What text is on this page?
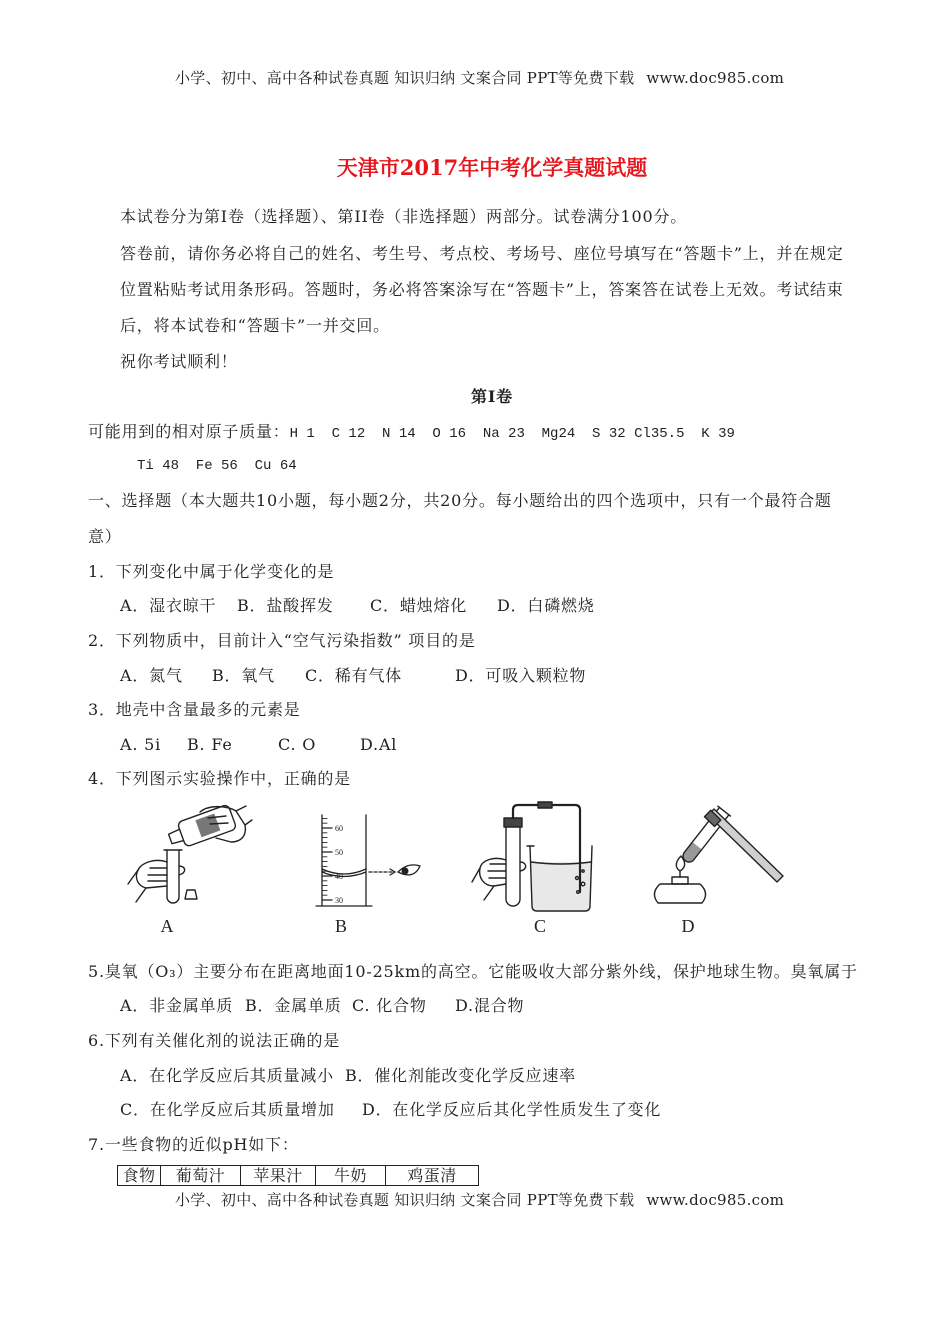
小学、初中、高中各种试卷真题 知识归纳 文案合同 PPT等免费下载 www.doc985.com
天津市2017年中考化学真题试题
本试卷分为第Ⅰ卷（选择题）、第II卷（非选择题）两部分。试卷满分100分。
答卷前，请你务必将自己的姓名、考生号、考点校、考场号、座位号填写在“答题卡”上，并在规定
位置粘贴考试用条形码。答题时，务必将答案涂写在“答题卡”上，答案答在试卷上无效。考试结束
后，将本试卷和“答题卡”一并交回。
祝你考试顺利！
第Ⅰ卷
可能用到的相对原子质量：H 1  C 12  N 14  O 16  Na 23  Mg24  S 32 Cl35.5  K 39
Ti 48  Fe 56  Cu 64
一、选择题（本大题共10小题，每小题2分，共20分。每小题给出的四个选项中，只有一个最符合题
意）
1．下列变化中属于化学变化的是
A．湿衣晾干 B．盐酸挥发 C．蜡烛熔化 D．白磷燃烧
2．下列物质中，目前计入“空气污染指数” 项目的是
A．氮气 B．氧气 C．稀有气体	D．可吸入颗粒物
3．地壳中含量最多的元素是
A. 5i B. Fe	C. O	D.Al
4．下列图示实验操作中，正确的是
A
60
50
40
30
B	C	D
5.臭氧（O₃）主要分布在距离地面10-25km的高空。它能吸收大部分紫外线，保护地球生物。臭氧属于
A．非金属单质 B．金属单质 C. 化合物 D.混合物
6.下列有关催化剂的说法正确的是
A．在化学反应后其质量减小 B．催化剂能改变化学反应速率
C．在化学反应后其质量增加 D．在化学反应后其化学性质发生了变化
7.一些食物的近似pH如下：
食物	葡萄汁	苹果汁	牛奶	鸡蛋清
小学、初中、高中各种试卷真题 知识归纳 文案合同 PPT等免费下载 www.doc985.com
